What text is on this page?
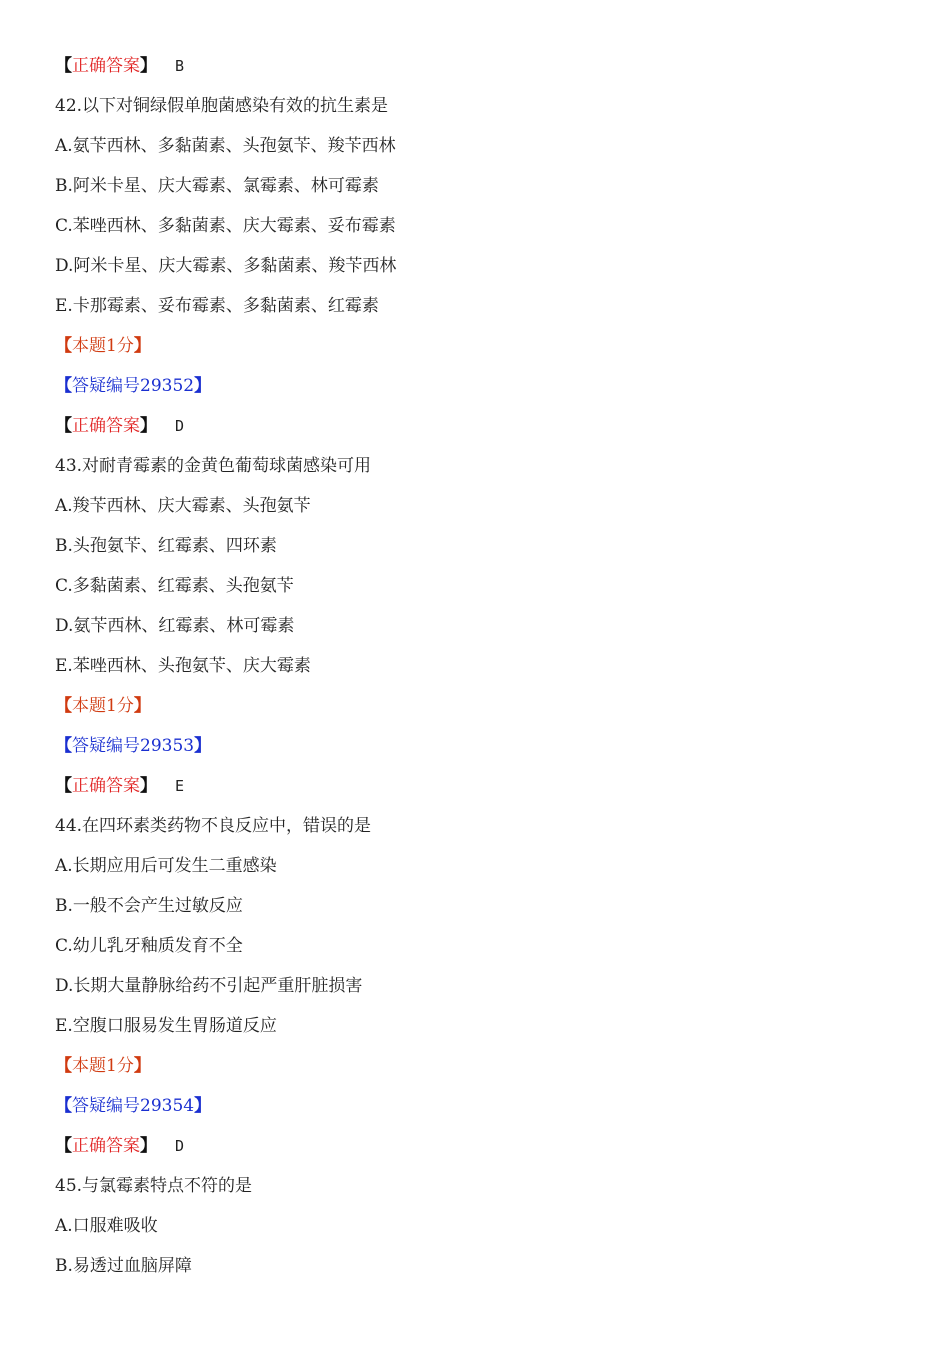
【正确答案】 B
42.以下对铜绿假单胞菌感染有效的抗生素是
A.氨苄西林、多黏菌素、头孢氨苄、羧苄西林
B.阿米卡星、庆大霉素、氯霉素、林可霉素
C.苯唑西林、多黏菌素、庆大霉素、妥布霉素
D.阿米卡星、庆大霉素、多黏菌素、羧苄西林
E.卡那霉素、妥布霉素、多黏菌素、红霉素
【本题1分】
【答疑编号29352】
【正确答案】 D
43.对耐青霉素的金黄色葡萄球菌感染可用
A.羧苄西林、庆大霉素、头孢氨苄
B.头孢氨苄、红霉素、四环素
C.多黏菌素、红霉素、头孢氨苄
D.氨苄西林、红霉素、林可霉素
E.苯唑西林、头孢氨苄、庆大霉素
【本题1分】
【答疑编号29353】
【正确答案】 E
44.在四环素类药物不良反应中，错误的是
A.长期应用后可发生二重感染
B.一般不会产生过敏反应
C.幼儿乳牙釉质发育不全
D.长期大量静脉给药不引起严重肝脏损害
E.空腹口服易发生胃肠道反应
【本题1分】
【答疑编号29354】
【正确答案】 D
45.与氯霉素特点不符的是
A.口服难吸收
B.易透过血脑屏障
